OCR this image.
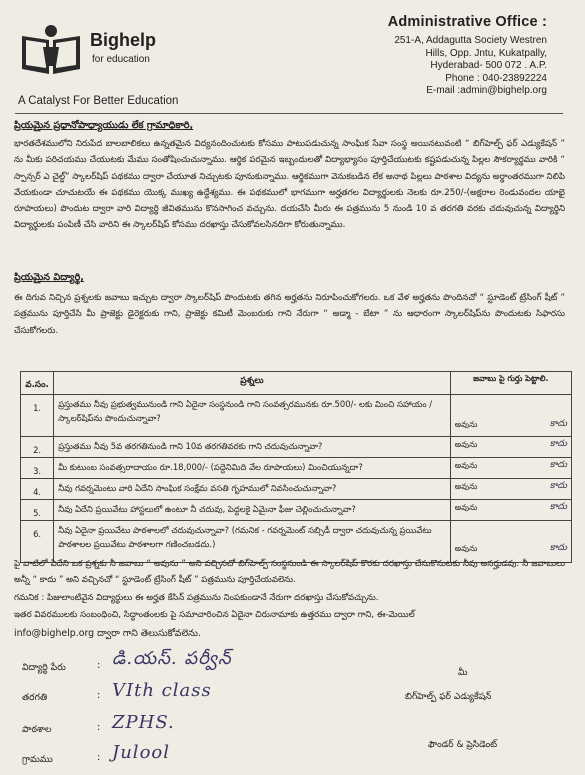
Bighelp
for education
A Catalyst For Better Education
Administrative Office :
251-A, Addagutta Society Westren
Hills, Opp. Jntu, Kukatpally,
Hyderabad- 500 072 . A.P.
Phone : 040-23892224
E-mail :admin@bighelp.org
ప్రియమైన ప్రధానోపాధ్యాయుడు లేక గ్రామాధికారి,
భారతదేశములోని నిరుపేద బాలబాలికలు ఉన్నతమైన విద్యనందించుటకు కోసము పాటుపడుచున్న సాంఘిక సేవా సంస్థ అయినటువంటి “ బిగ్‌హెల్ప్ ఫర్ ఎడ్యుకేషన్ ” ను మీకు పరిచయము చేయుటకు మేము సంతోషించుచున్నాము. ఆర్థిక పరమైన ఇబ్బందులతో విద్యాభ్యాసం పూర్తిచేయుటకు కష్టపడుచున్న పిల్లల సౌకర్యార్థము వారికి “ స్పాన్సర్ ఎ చైల్డ్” స్కాలర్‌షిప్ పథకము ద్వారా చేయూత నిచ్చుటకు పూనుకున్నాము. ఆర్థికముగా వెనుకబడిన లేక అనాథ పిల్లలు పాఠశాల విద్యను అర్థాంతరముగా నిలిపి వేయకుండా చూచుటయే ఈ పథకము యొక్క ముఖ్య ఉద్దేశ్యము. ఈ పథకములో భాగముగా అర్హతగల విద్యార్థులకు నెలకు రూ.250/-(అక్షరాల రెండువందల యాభై రూపాయలు) పొందుట ద్వారా వారి విద్యార్థి జీవితమును కొనసాగించ వచ్చును. దయచేసి మీరు ఈ పత్రమును 5 నుండి 10 వ తరగతి వరకు చదువుచున్న విద్యార్థిని విద్యార్థులకు పంపిణీ చేసి వారిని ఈ స్కాలర్‌షిప్ కోసము దరఖాస్తు చేసుకోవలసినదిగా కోరుతున్నాము.
ప్రియమైన విద్యార్థి,
ఈ దిగువ నిచ్చిన ప్రశ్నలకు జవాబు ఇచ్చుట ద్వారా స్కాలర్‌షిప్ పొందుటకు తగిన అర్హతను నిరూపించుకోగలరు. ఒక వేళ అర్హతను పొందినచో “ స్టూడెంట్ ట్రేసింగ్ షీట్ ” పత్రమును పూర్తిచేసి మీ ప్రాజెక్టు డైరెక్టరుకు గాని, ప్రాజెక్టు కమిటీ మెంబరుకు గాని నేరుగా “ అడ్మా - బేటా ” ను ఆధారంగా స్కాలర్‌షిప్‌ను పొందుటకు సిఫారసు చేసుకోగలరు.
వ.సం.	ప్రశ్నలు	జవాబు పై గుర్తు పెట్టాలి.
1.	ప్రస్తుతము నీవు ప్రభుత్వమునుండి గాని ఏదైనా సంస్థనుండి గాని సంవత్సరమునకు రూ.500/- లకు మించి సహాయం / స్కాలర్‌షిప్‌ను పొందుచున్నావా?	అవును కాదు

2.	ప్రస్తుతము నీవు 5వ తరగతినుండి గాని 10వ తరగతివరకు గాని చదువుచున్నావా?	అవును కాదు

3.	మీ కుటుంబ సంవత్సరాదాయం రూ.18,000/- (పద్దెనిమిది వేల రూపాయలు) మించియున్నదా?	అవును కాదు

4.	నీవు గవర్నమెంటు వారి ఏదేని సాంఘిక సంక్షేమ వసతి గృహములో నివసించుచున్నావా?	అవును కాదు

5.	నీవు ఏదేని ప్రయివేటు హాస్టలులో ఉంటూ నీ చదువు, పెద్దలకై ఏమైనా ఫీజు చెల్లించుచున్నావా?	అవును కాదు

6.	నీవు ఏదైనా ప్రయివేటు పాఠశాలలో చదువుచున్నావా? (గమనిక - గవర్నమెంట్ సబ్సిడీ ద్వారా చదువుచున్న ప్రయివేటు పాఠశాలల ప్రయివేటు పాఠశాలగా గణించబడదు.)	అవును కాదు
పై వాటిలో ఏదేని ఒక ప్రశ్నకు నీ జవాబు “ అవును ” అని వచ్చినచో బిగ్‌హెల్ప్ సంస్థనుండి ఈ స్కాలర్‌షిప్ కొరకు దరఖాస్తు చేసుకొనుటకు నీవు అనర్హుడవు. నీ జవాబులు అన్నీ “ కాదు ” అని వచ్చినచో “ స్టూడెంట్ ట్రేసింగ్ షీట్ ” పత్రమును పూర్తిచేయవలెను.
గమనిక : పిజులాంటివైన విద్యార్థులు ఈ అర్హత కేసిన్ పత్రమును నింపకుండానే నేరుగా దరఖాస్తు చేసుకోవచ్చును.
ఇతర వివరములకు సంబంధించి, సిద్ధాంతంలకు పై సమాచారించిన ఏదైనా చిరునామాకు ఉత్తరము ద్వారా గాని, ఈ-మెయిల్
info@bighelp.org ద్వారా గాని తెలుసుకోవలెను.
విద్యార్థి పేరు	: డి.యస్. పర్వీన్
తరగతి	: VIth class
పాఠశాల	: ZPHS.
గ్రామము	: Julool
మీ
బిగ్‌హెల్ప్ ఫర్ ఎడ్యుకేషన్
ఫౌండర్ & ప్రెసిడెంట్
